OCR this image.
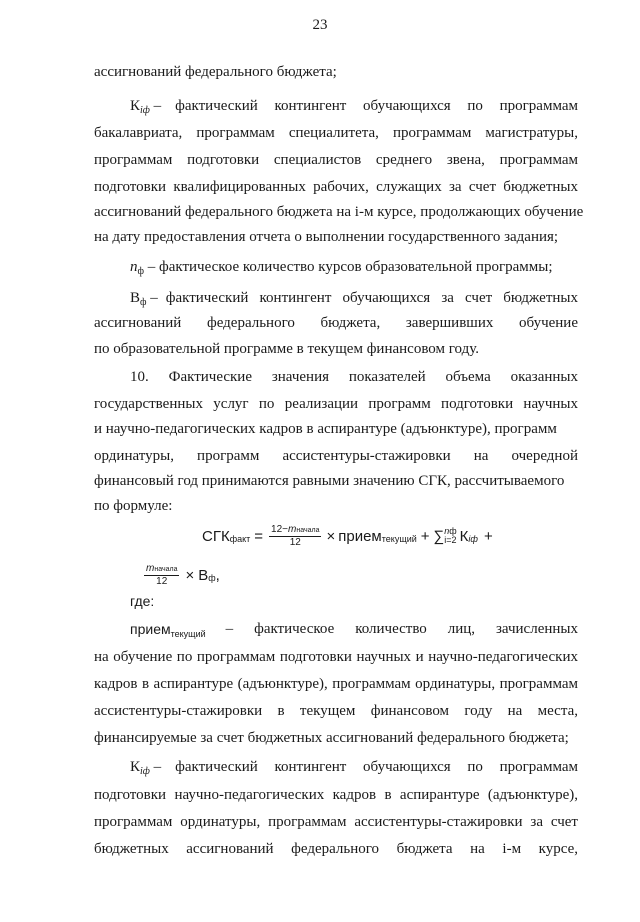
23
ассигнований федерального бюджета;
$К_{iф}$ – фактический контингент обучающихся по программам
бакалавриата, программам специалитета, программам магистратуры,
программам подготовки специалистов среднего звена, программам
подготовки квалифицированных рабочих, служащих за счет бюджетных
ассигнований федерального бюджета на i-м курсе, продолжающих обучение
на дату предоставления отчета о выполнении государственного задания;
$n_ф$ – фактическое количество курсов образовательной программы;
$В_ф$ – фактический контингент обучающихся за счет бюджетных
ассигнований федерального бюджета, завершивших обучение
по образовательной программе в текущем финансовом году.
10. Фактические значения показателей объема оказанных
государственных услуг по реализации программ подготовки научных
и научно-педагогических кадров в аспирантуре (адъюнктуре), программ
ординатуры, программ ассистентуры-стажировки на очередной
финансовый год принимаются равными значению СГК, рассчитываемого
по формуле:
СГК факт = $\frac{\text{12−mначала}}{12}$ × прием текущий + ∑ nф
i=2 К iф +
$\frac{\text{mначала}}{12} \times В$ ф ,
где:
прием$_{текущий}$ – фактическое количество лиц, зачисленных
на обучение по программам подготовки научных и научно-педагогических
кадров в аспирантуре (адъюнктуре), программам ординатуры, программам
ассистентуры-стажировки в текущем финансовом году на места,
финансируемые за счет бюджетных ассигнований федерального бюджета;
$К_{iф}$ – фактический контингент обучающихся по программам
подготовки научно-педагогических кадров в аспирантуре (адъюнктуре),
программам ординатуры, программам ассистентуры-стажировки за счет
бюджетных ассигнований федерального бюджета на i-м курсе,
